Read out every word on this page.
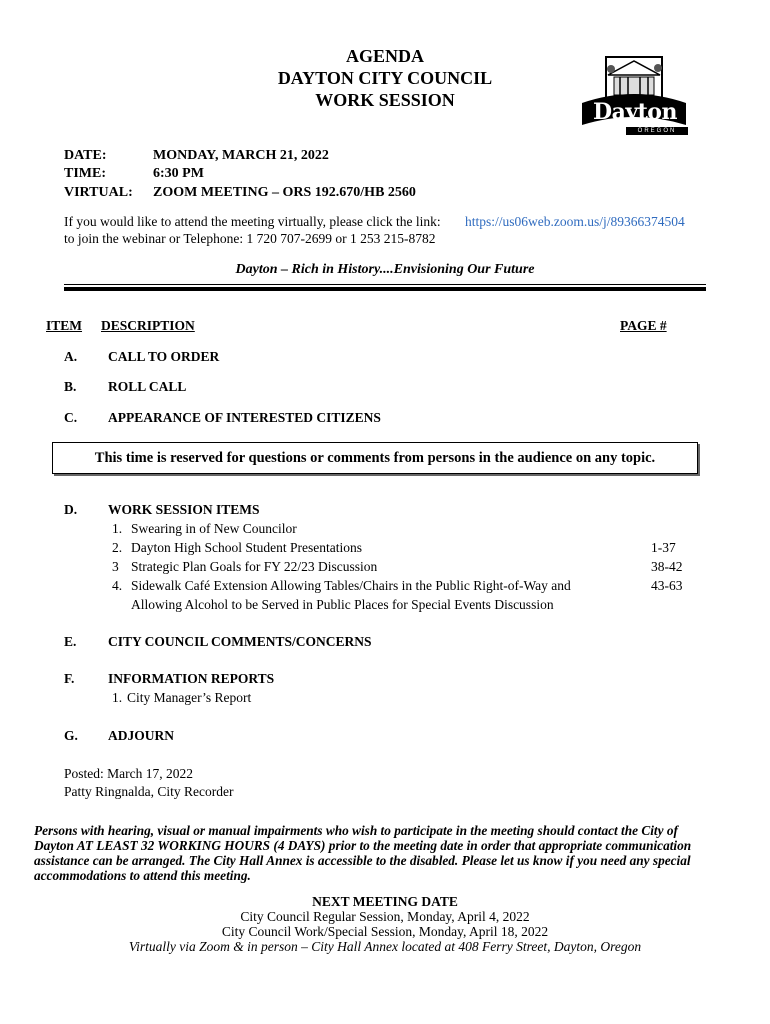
AGENDA
DAYTON CITY COUNCIL
WORK SESSION	Dayton
OREGON
DATE:	MONDAY, MARCH 21, 2022
TIME:	6:30 PM
VIRTUAL: ZOOM MEETING – ORS 192.670/HB 2560
If you would like to attend the meeting virtually, please click the link: https://us06web.zoom.us/j/89366374504
to join the webinar or Telephone: 1 720 707-2699 or 1 253 215-8782
Dayton – Rich in History....Envisioning Our Future
ITEM DESCRIPTION	PAGE #
A. CALL TO ORDER
B. ROLL CALL
C. APPEARANCE OF INTERESTED CITIZENS
This time is reserved for questions or comments from persons in the audience on any topic.
D. WORK SESSION ITEMS
1. Swearing in of New Councilor
2. Dayton High School Student Presentations	1-37
3 Strategic Plan Goals for FY 22/23 Discussion	38-42
4. Sidewalk Café Extension Allowing Tables/Chairs in the Public Right-of-Way and	43-63
Allowing Alcohol to be Served in Public Places for Special Events Discussion
E. CITY COUNCIL COMMENTS/CONCERNS
F. INFORMATION REPORTS
1. City Manager’s Report
G. ADJOURN
Posted: March 17, 2022
Patty Ringnalda, City Recorder
Persons with hearing, visual or manual impairments who wish to participate in the meeting should contact the City of
Dayton AT LEAST 32 WORKING HOURS (4 DAYS) prior to the meeting date in order that appropriate communication
assistance can be arranged. The City Hall Annex is accessible to the disabled. Please let us know if you need any special
accommodations to attend this meeting.
NEXT MEETING DATE
City Council Regular Session, Monday, April 4, 2022
City Council Work/Special Session, Monday, April 18, 2022
Virtually via Zoom & in person – City Hall Annex located at 408 Ferry Street, Dayton, Oregon
